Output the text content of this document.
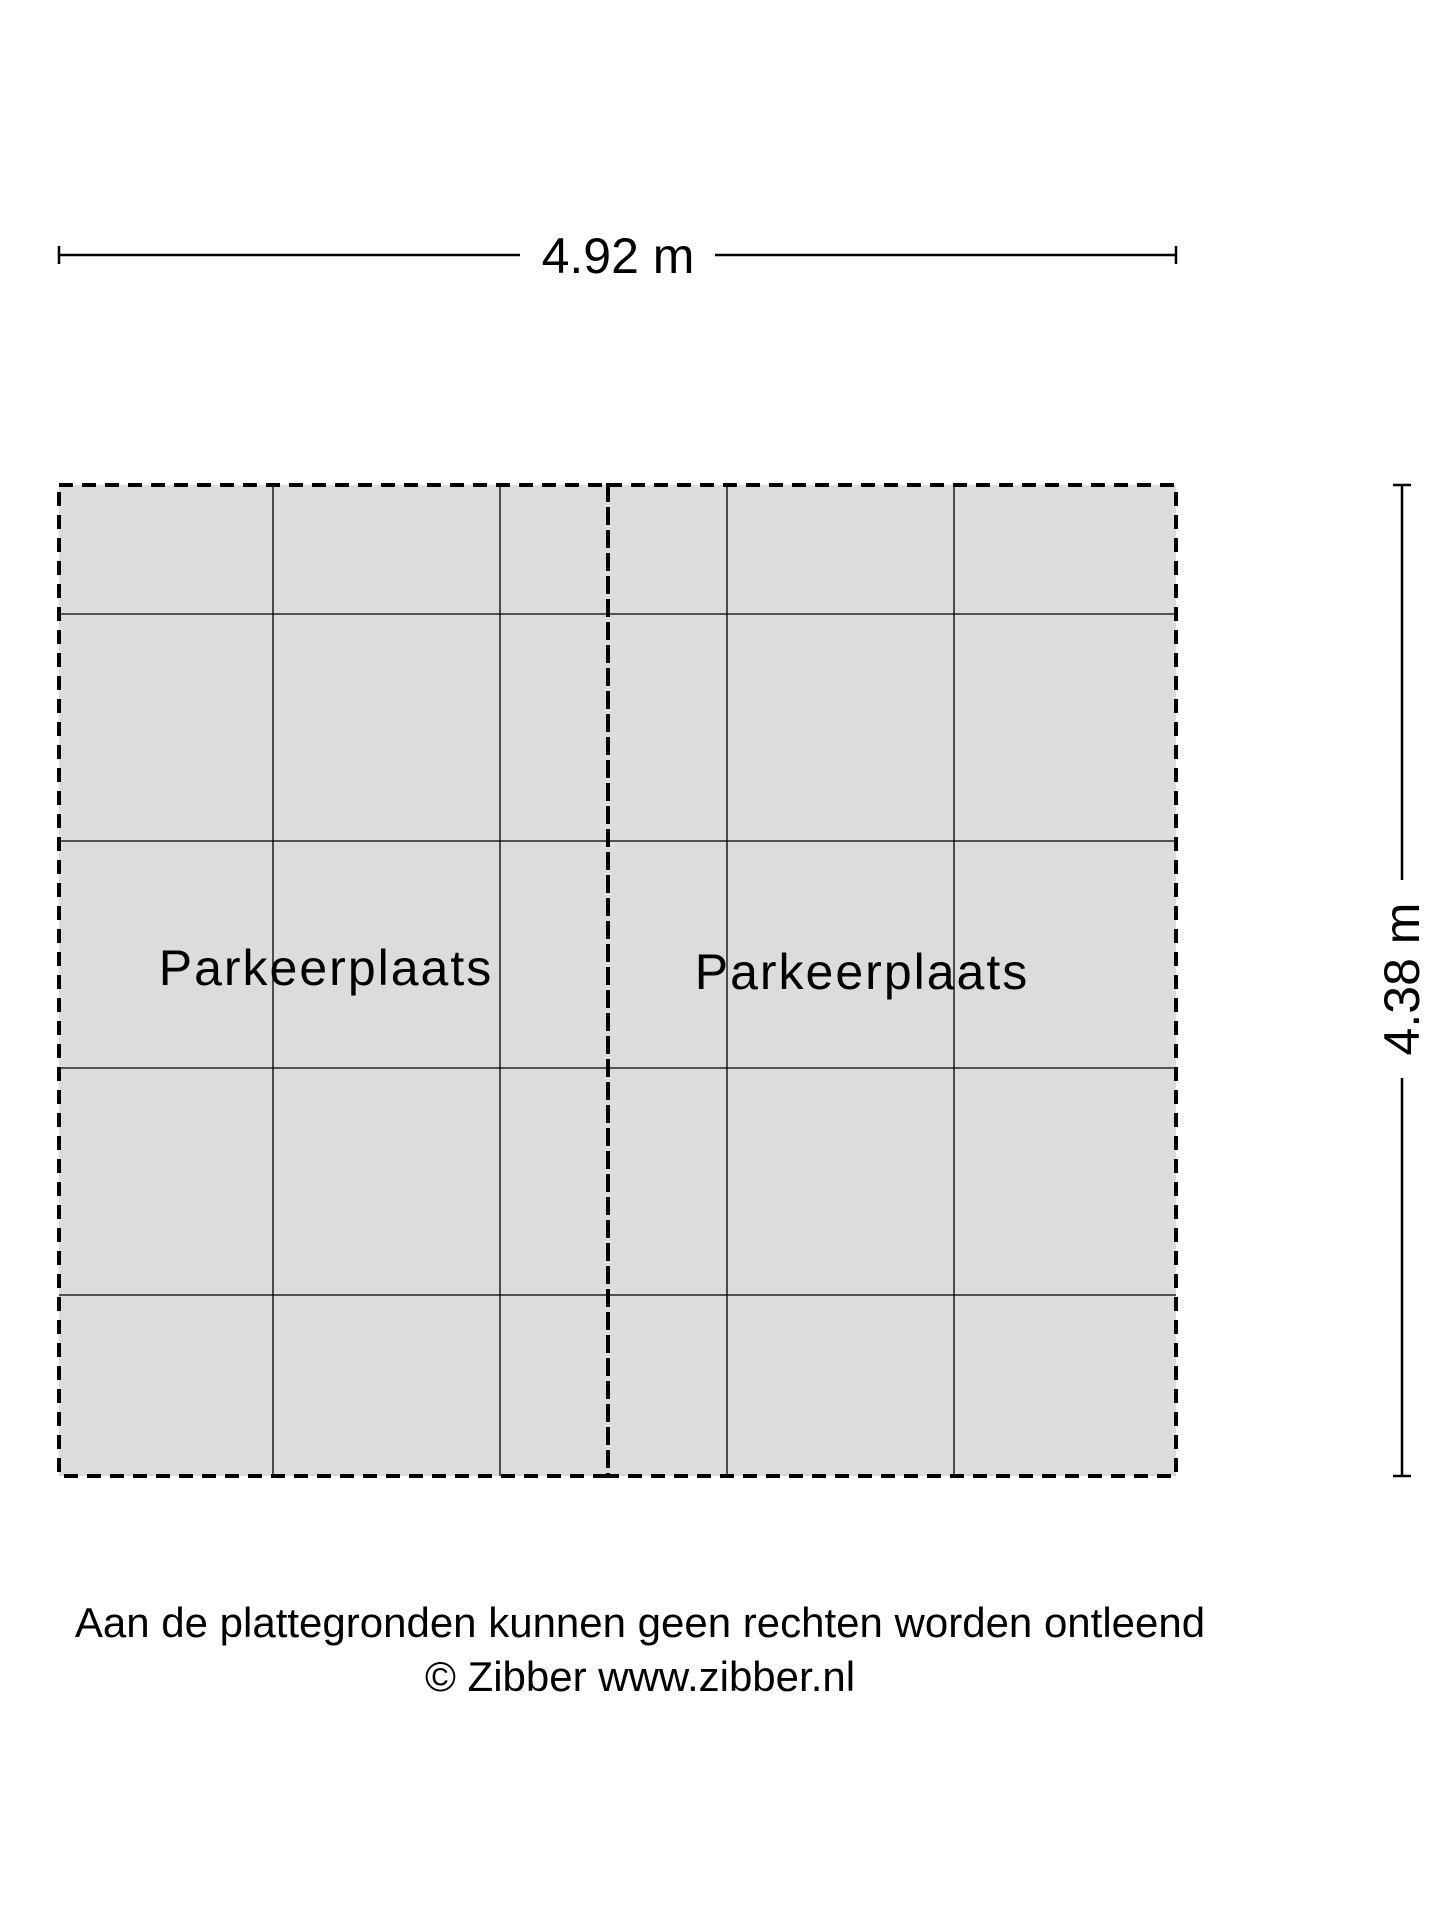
4.92 m
4.38 m
Parkeerplaats	Parkeerplaats
Aan de plattegronden kunnen geen rechten worden ontleend
© Zibber www.zibber.nl
